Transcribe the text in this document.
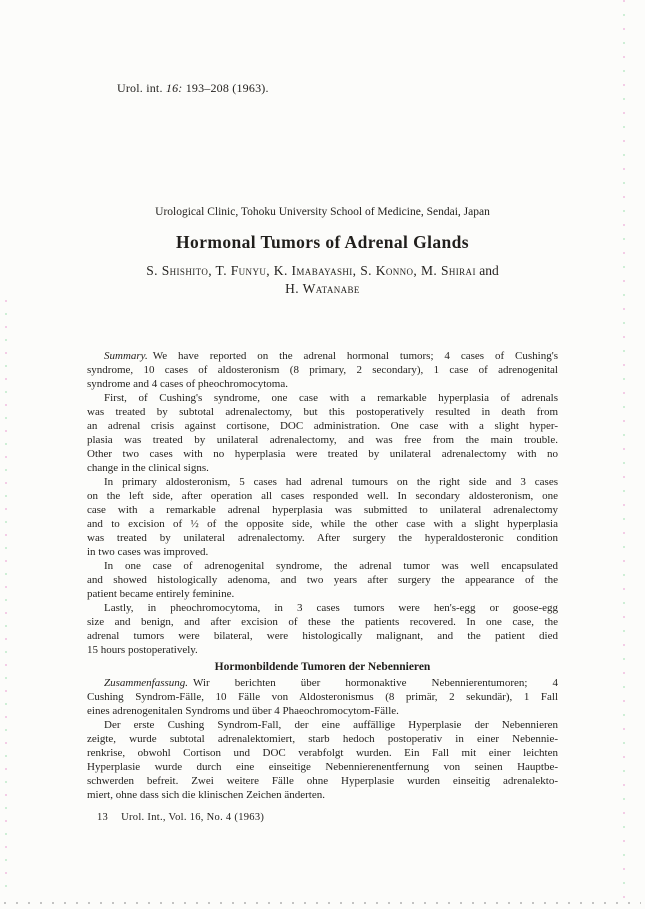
Urol. int. 16: 193–208 (1963).
Urological Clinic, Tohoku University School of Medicine, Sendai, Japan
Hormonal Tumors of Adrenal Glands
S. Shishito, T. Funyu, K. Imabayashi, S. Konno, M. Shirai and
H. Watanabe
Summary. We have reported on the adrenal hormonal tumors; 4 cases of Cushing's
syndrome, 10 cases of aldosteronism (8 primary, 2 secondary), 1 case of adrenogenital
syndrome and 4 cases of pheochromocytoma.
First, of Cushing's syndrome, one case with a remarkable hyperplasia of adrenals
was treated by subtotal adrenalectomy, but this postoperatively resulted in death from
an adrenal crisis against cortisone, DOC administration. One case with a slight hyper-
plasia was treated by unilateral adrenalectomy, and was free from the main trouble.
Other two cases with no hyperplasia were treated by unilateral adrenalectomy with no
change in the clinical signs.
In primary aldosteronism, 5 cases had adrenal tumours on the right side and 3 cases
on the left side, after operation all cases responded well. In secondary aldosteronism, one
case with a remarkable adrenal hyperplasia was submitted to unilateral adrenalectomy
and to excision of ½ of the opposite side, while the other case with a slight hyperplasia
was treated by unilateral adrenalectomy. After surgery the hyperaldosteronic condition
in two cases was improved.
In one case of adrenogenital syndrome, the adrenal tumor was well encapsulated
and showed histologically adenoma, and two years after surgery the appearance of the
patient became entirely feminine.
Lastly, in pheochromocytoma, in 3 cases tumors were hen's-egg or goose-egg
size and benign, and after excision of these the patients recovered. In one case, the
adrenal tumors were bilateral, were histologically malignant, and the patient died
15 hours postoperatively.
Hormonbildende Tumoren der Nebennieren
Zusammenfassung. Wir berichten über hormonaktive Nebennierentumoren; 4
Cushing Syndrom-Fälle, 10 Fälle von Aldosteronismus (8 primär, 2 sekundär), 1 Fall
eines adrenogenitalen Syndroms und über 4 Phaeochromocytom-Fälle.
Der erste Cushing Syndrom-Fall, der eine auffällige Hyperplasie der Nebennieren
zeigte, wurde subtotal adrenalektomiert, starb hedoch postoperativ in einer Nebennie-
renkrise, obwohl Cortison und DOC verabfolgt wurden. Ein Fall mit einer leichten
Hyperplasie wurde durch eine einseitige Nebennierenentfernung von seinen Hauptbe-
schwerden befreit. Zwei weitere Fälle ohne Hyperplasie wurden einseitig adrenalekto-
miert, ohne dass sich die klinischen Zeichen änderten.
13 Urol. Int., Vol. 16, No. 4 (1963)
